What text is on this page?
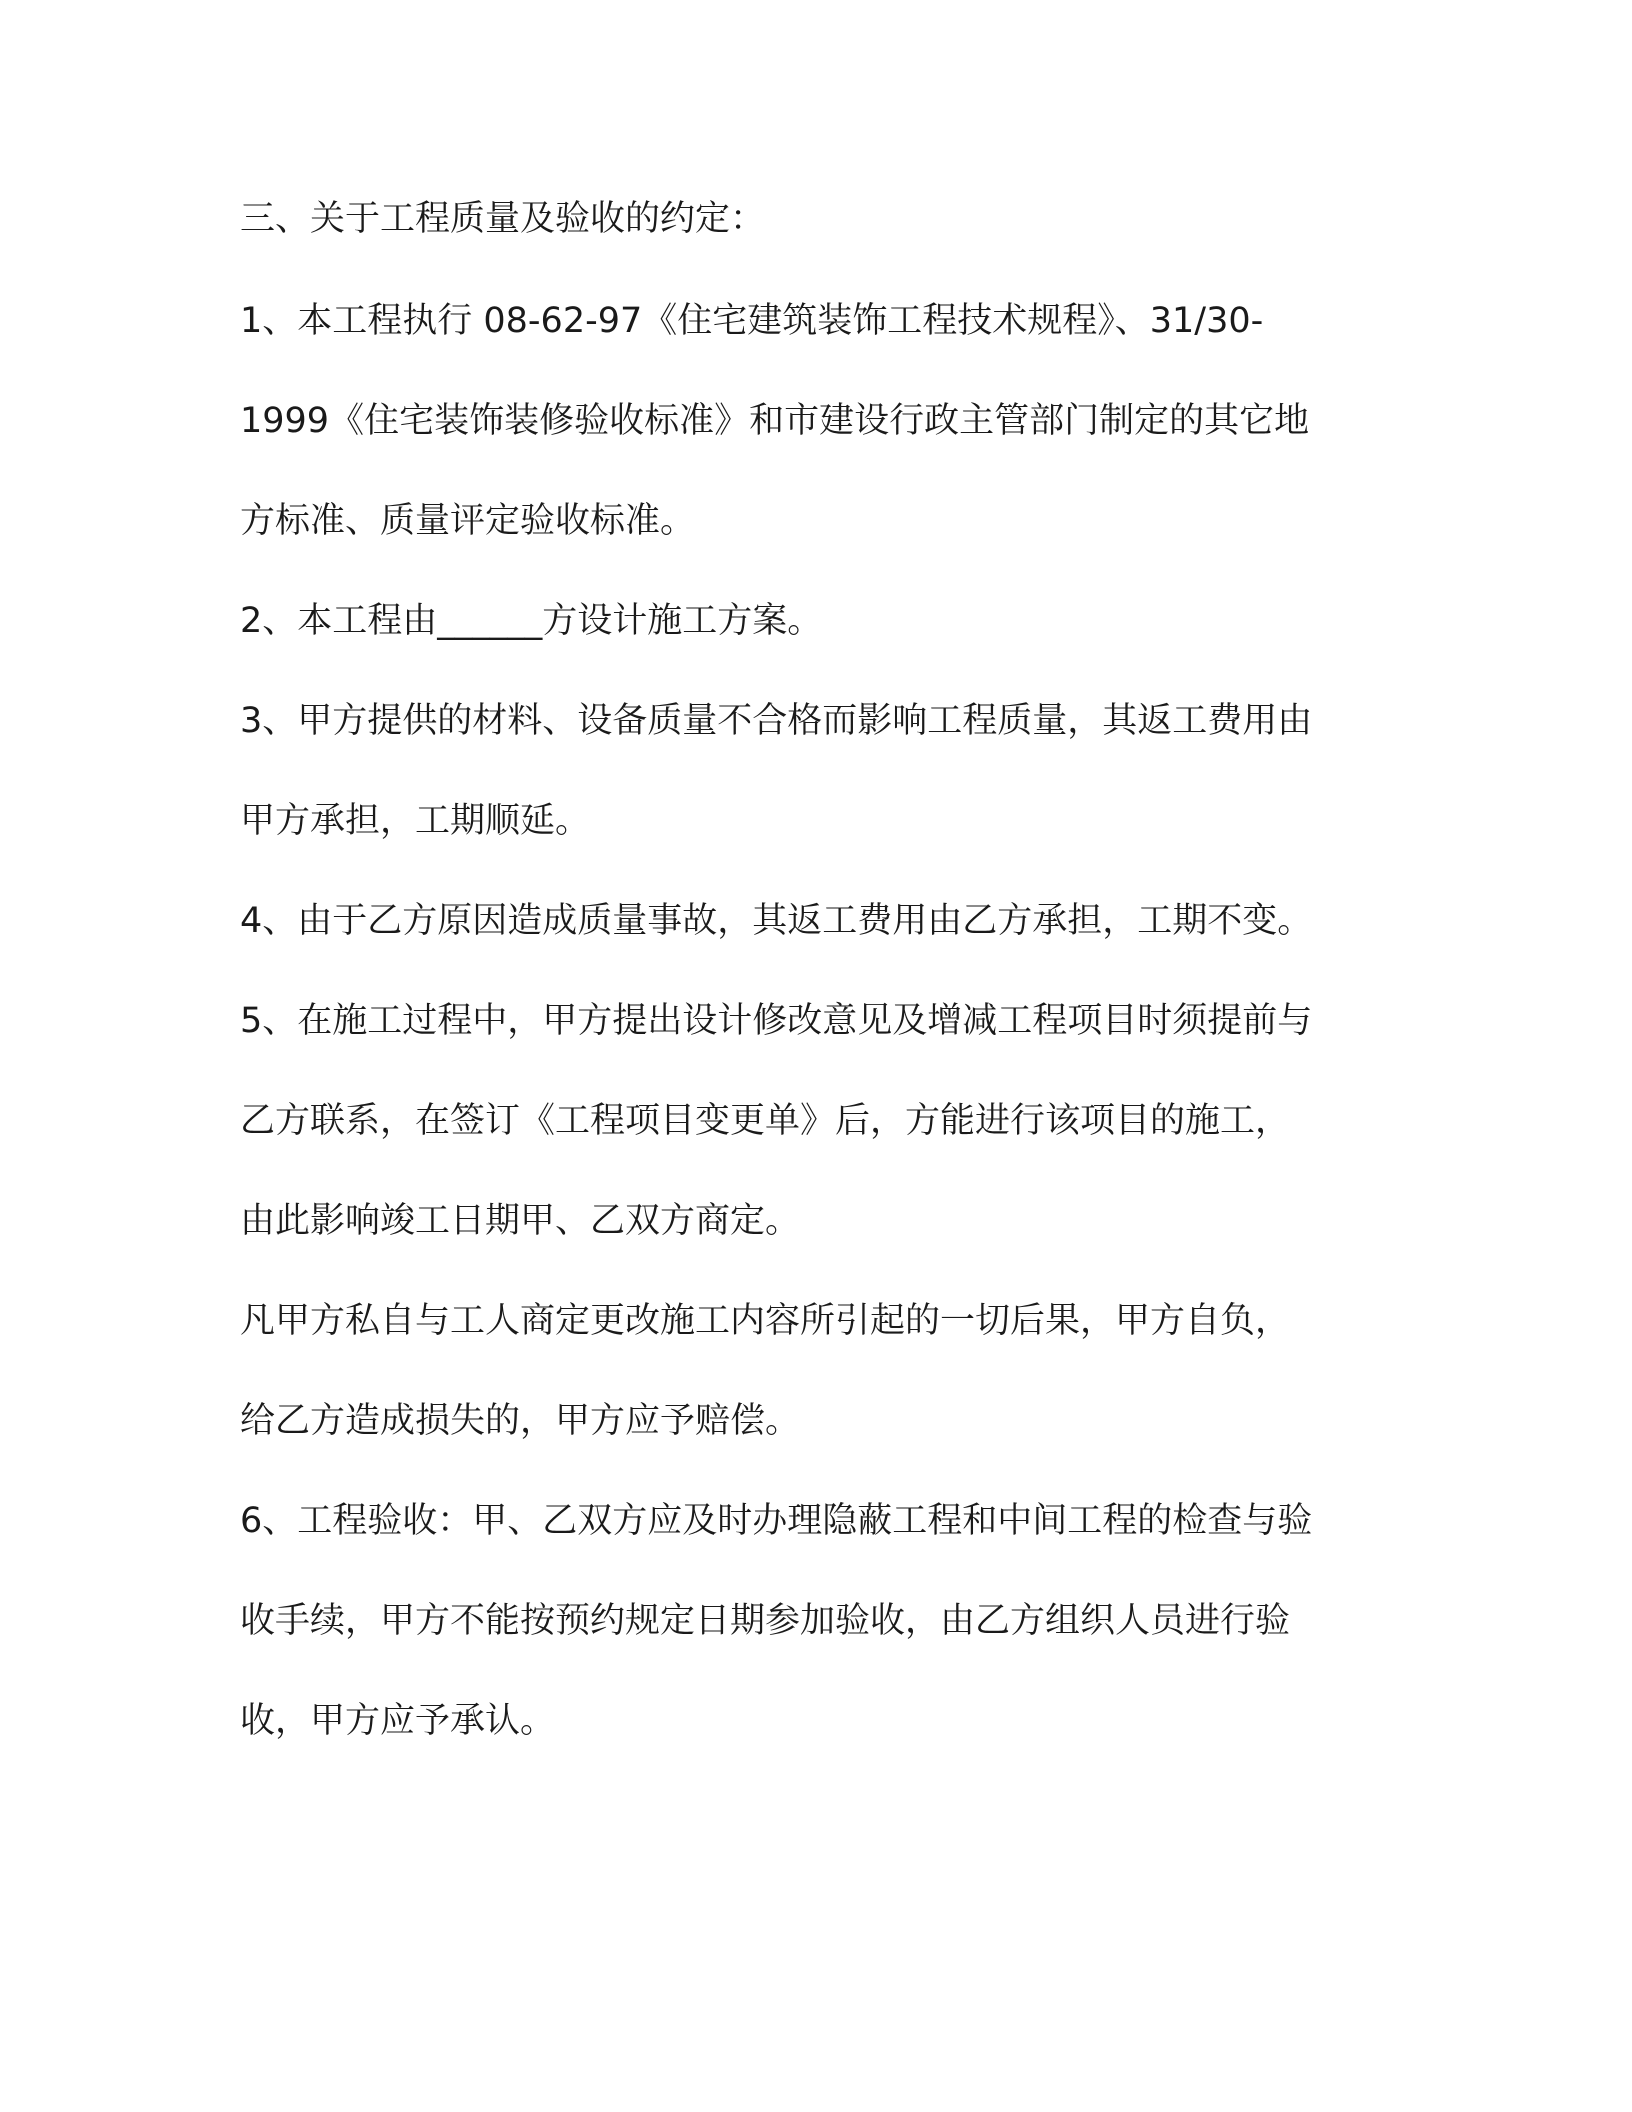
三、关于工程质量及验收的约定：
1、本工程执行 08-62-97《住宅建筑装饰工程技术规程》、31/30-
1999《住宅装饰装修验收标准》和市建设行政主管部门制定的其它地
方标准、质量评定验收标准。
2、本工程由______方设计施工方案。
3、甲方提供的材料、设备质量不合格而影响工程质量，其返工费用由
甲方承担，工期顺延。
4、由于乙方原因造成质量事故，其返工费用由乙方承担，工期不变。
5、在施工过程中，甲方提出设计修改意见及增减工程项目时须提前与
乙方联系，在签订《工程项目变更单》后，方能进行该项目的施工，
由此影响竣工日期甲、乙双方商定。
凡甲方私自与工人商定更改施工内容所引起的一切后果，甲方自负，
给乙方造成损失的，甲方应予赔偿。
6、工程验收：甲、乙双方应及时办理隐蔽工程和中间工程的检查与验
收手续，甲方不能按预约规定日期参加验收，由乙方组织人员进行验
收，甲方应予承认。
